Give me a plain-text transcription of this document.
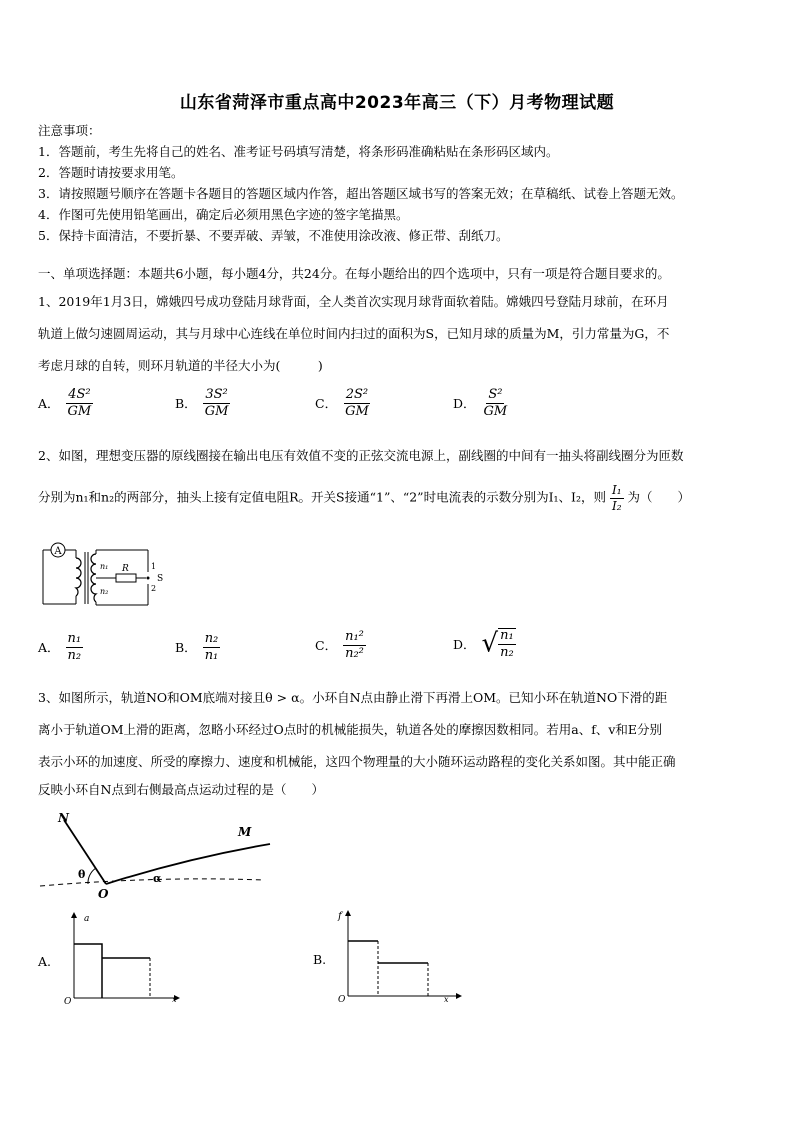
山东省菏泽市重点高中2023年高三（下）月考物理试题
注意事项：
1．答题前，考生先将自己的姓名、准考证号码填写清楚，将条形码准确粘贴在条形码区域内。
2．答题时请按要求用笔。
3．请按照题号顺序在答题卡各题目的答题区域内作答，超出答题区域书写的答案无效；在草稿纸、试卷上答题无效。
4．作图可先使用铅笔画出，确定后必须用黑色字迹的签字笔描黑。
5．保持卡面清洁，不要折暴、不要弄破、弄皱，不准使用涂改液、修正带、刮纸刀。
一、单项选择题：本题共6小题，每小题4分，共24分。在每小题给出的四个选项中，只有一项是符合题目要求的。
1、2019年1月3日，嫦娥四号成功登陆月球背面，全人类首次实现月球背面软着陆。嫦娥四号登陆月球前，在环月
轨道上做匀速圆周运动，其与月球中心连线在单位时间内扫过的面积为S，已知月球的质量为M，引力常量为G，不
考虑月球的自转，则环月轨道的半径大小为(　　　)
A． $\frac{\text{4S²}}{GM}$	B． $\frac{\text{3S²}}{GM}$	C． $\frac{\text{2S²}}{GM}$	D． $\frac{\text{S²}}{GM}$
2、如图，理想变压器的原线圈接在输出电压有效值不变的正弦交流电源上，副线圈的中间有一抽头将副线圈分为匝数
分别为n₁和n₂的两部分，抽头上接有定值电阻R。开关S接通“1”、“2”时电流表的示数分别为I₁、I₂，则 $\frac{\text{I₁}}{\text{I₂}}$ 为（　　）
A
R
n₁
n₂
1
2
S
A． $\frac{\text{n₁}}{\text{n₂}}$	B． $\frac{\text{n₂}}{\text{n₁}}$	C． $\frac{\text{n₁²}}{\text{n₂²}}$	D． √ $\frac{\text{n₁}}{\text{n₂}}$
3、如图所示，轨道NO和OM底端对接且θ > α。小环自N点由静止滑下再滑上OM。已知小环在轨道NO下滑的距
离小于轨道OM上滑的距离，忽略小环经过O点时的机械能损失，轨道各处的摩擦因数相同。若用a、f、v和E分别
表示小环的加速度、所受的摩擦力、速度和机械能，这四个物理量的大小随环运动路程的变化关系如图。其中能正确
反映小环自N点到右侧最高点运动过程的是（　　）
N
M
O
θ	α
A.
a
x
O
B.
f
x
O
